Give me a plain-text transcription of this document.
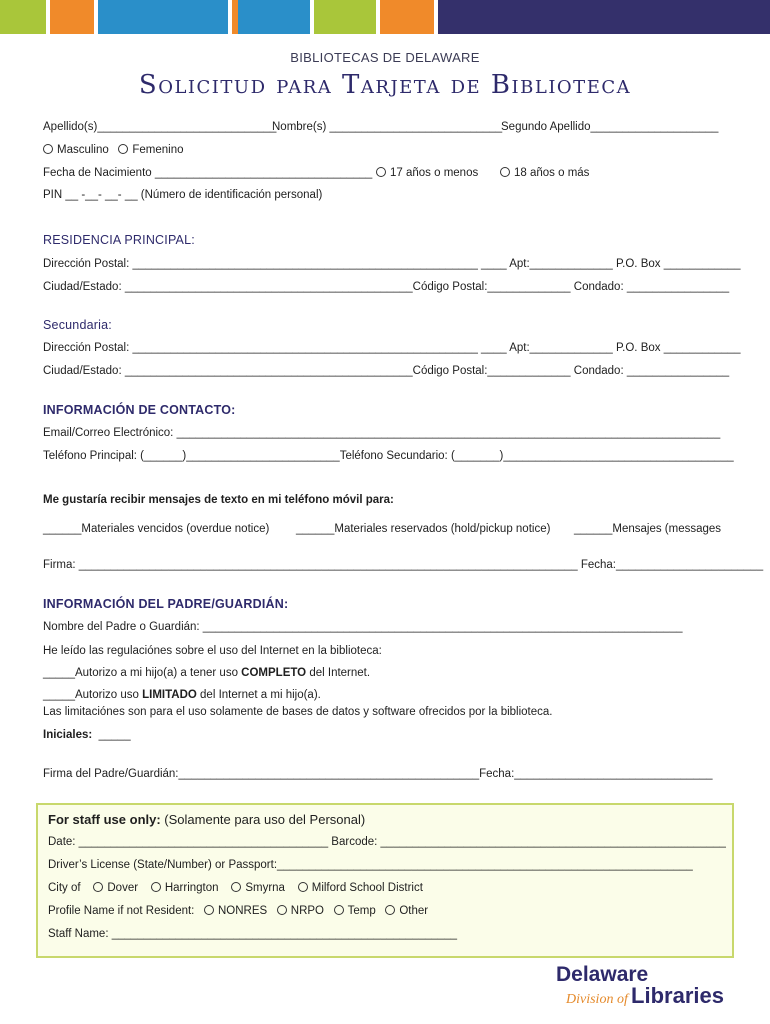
BIBLIOTECAS DE DELAWARE
Solicitud para Tarjeta de Biblioteca
Apellido(s)____________________________
Nombre(s) ___________________________
Segundo Apellido____________________
Masculino Femenino
Fecha de Nacimiento __________________________________	17 años o menos	18 años o más
PIN __ -__- __- __ (Número de identificación personal)
RESIDENCIA PRINCIPAL:
Dirección Postal: ______________________________________________________ ____ Apt:_____________ P.O. Box ____________
Ciudad/Estado: _____________________________________________Código Postal:_____________ Condado: ________________
Secundaria:
Dirección Postal: ______________________________________________________ ____ Apt:_____________ P.O. Box ____________
Ciudad/Estado: _____________________________________________Código Postal:_____________ Condado: ________________
INFORMACIÓN DE CONTACTO:
Email/Correo Electrónico: _____________________________________________________________________________________
Teléfono Principal: (______)________________________Teléfono Secundario: (_______)____________________________________
Me gustaría recibir mensajes de texto en mi teléfono móvil para:
______Materiales vencidos (overdue notice) ______Materiales reservados (hold/pickup notice) ______Mensajes (messages
Firma: ______________________________________________________________________________ Fecha:_______________________
INFORMACIÓN DEL PADRE/GUARDIÁN:
Nombre del Padre o Guardián: ___________________________________________________________________________
He leído las regulaciónes sobre el uso del Internet en la biblioteca:
_____Autorizo a mi hijo(a) a tener uso COMPLETO del Internet.
_____Autorizo uso LIMITADO del Internet a mi hijo(a).
Las limitaciónes son para el uso solamente de bases de datos y software ofrecidos por la biblioteca.
Iniciales: _____
Firma del Padre/Guardián:_______________________________________________Fecha:_______________________________
For staff use only: (Solamente para uso del Personal)
Date: _______________________________________ Barcode: ______________________________________________________
Driver’s License (State/Number) or Passport:_________________________________________________________________
City of Dover Harrington Smyrna Milford School District
Profile Name if not Resident: NONRES NRPO Temp Other
Staff Name: ______________________________________________________
Delaware
Division of Libraries
